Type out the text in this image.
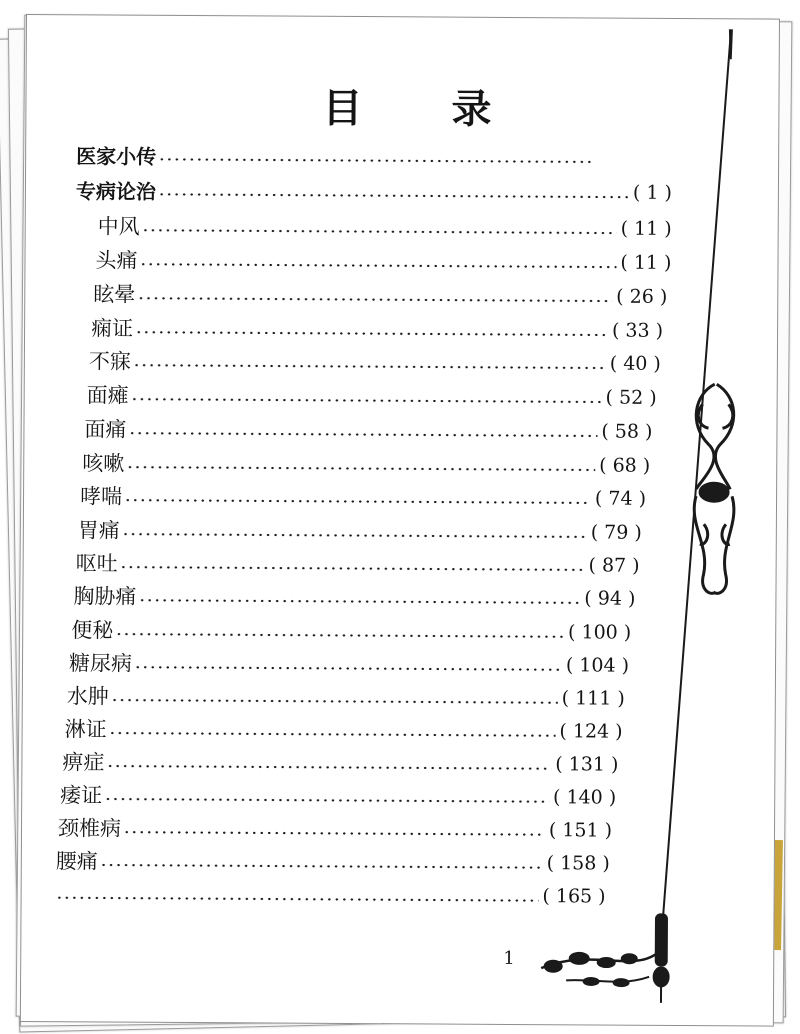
目 录
医家小传
专病论治	( 1 )
中风	( 11 )
头痛	( 11 )
眩晕	( 26 )
痫证	( 33 )
不寐	( 40 )
面瘫	( 52 )
面痛	( 58 )
咳嗽	( 68 )
哮喘	( 74 )
胃痛	( 79 )
呕吐	( 87 )
胸胁痛	( 94 )
便秘	( 100 )
糖尿病	( 104 )
水肿	( 111 )
淋证	( 124 )
痹症	( 131 )
痿证	( 140 )
颈椎病	( 151 )
腰痛	( 158 )
( 165 )
1
